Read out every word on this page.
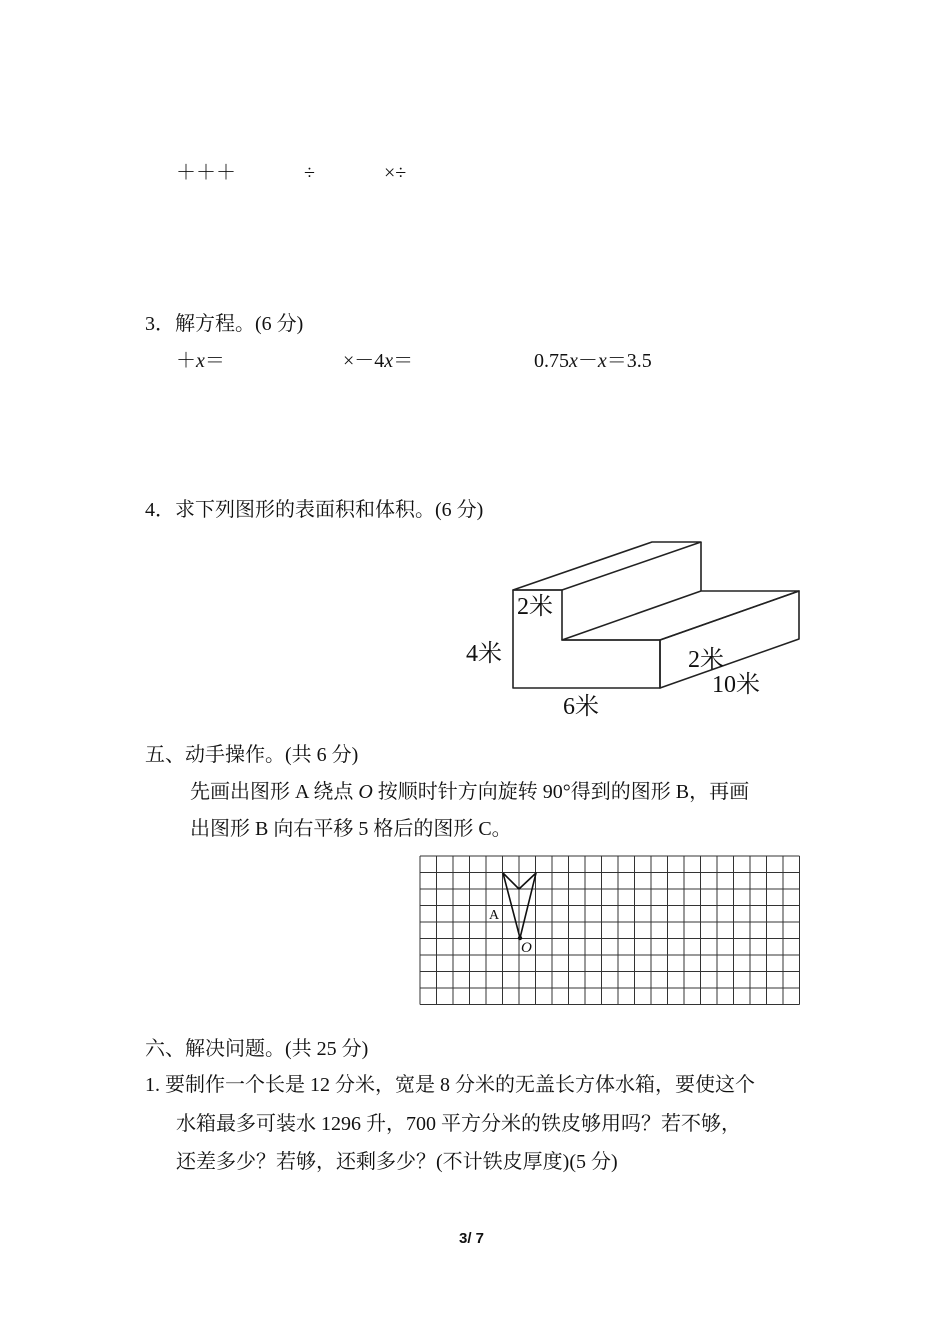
＋＋＋	÷	×÷
3．解方程。(6 分)
＋x＝	×－4x＝	0.75x－x＝3.5
4．求下列图形的表面积和体积。(6 分)
2米
4米	2米
10米
6米
五、动手操作。(共 6 分)
先画出图形 A 绕点 O 按顺时针方向旋转 90°得到的图形 B，再画
出图形 B 向右平移 5 格后的图形 C。
A
O
六、解决问题。(共 25 分)
1. 要制作一个长是 12 分米，宽是 8 分米的无盖长方体水箱，要使这个
水箱最多可装水 1296 升，700 平方分米的铁皮够用吗？若不够，
还差多少？若够，还剩多少？(不计铁皮厚度)(5 分)
3/ 7
